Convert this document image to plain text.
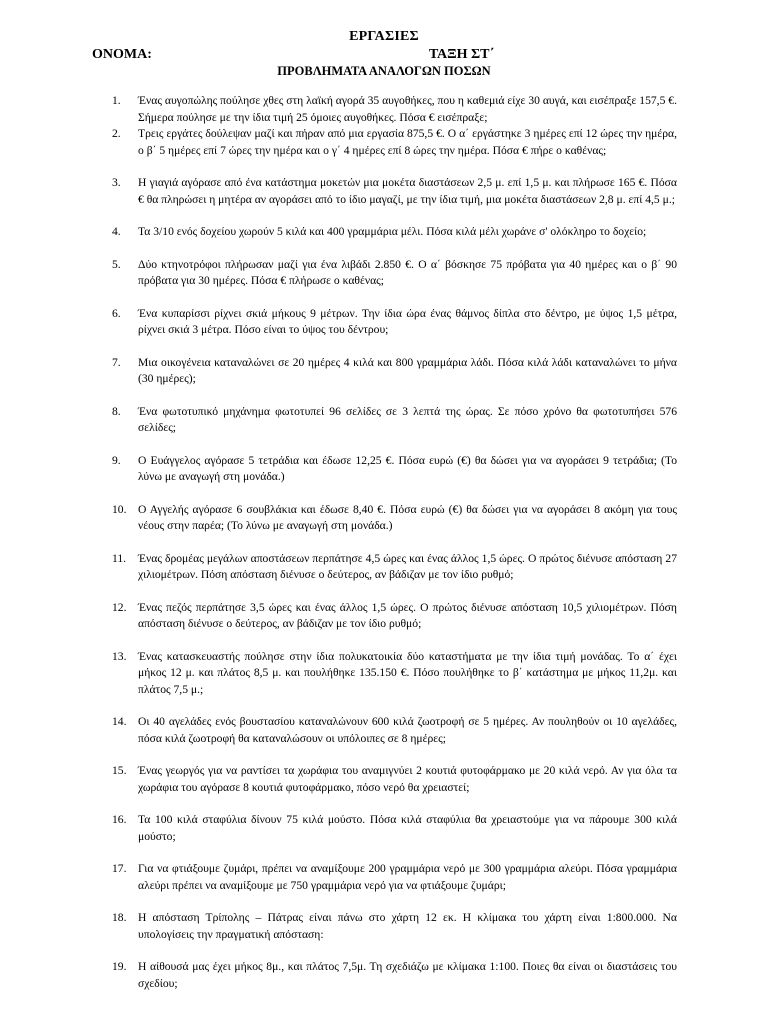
ΕΡΓΑΣΙΕΣ
ΟΝΟΜΑ:	ΤΑΞΗ ΣΤ΄
ΠΡΟΒΛΗΜΑΤΑ ΑΝΑΛΟΓΩΝ ΠΟΣΩΝ
1. Ένας αυγοπώλης πούλησε χθες στη λαϊκή αγορά 35 αυγοθήκες, που η καθεμιά είχε 30 αυγά, και εισέπραξε 157,5 €. Σήμερα πούλησε με την ίδια τιμή 25 όμοιες αυγοθήκες. Πόσα € εισέπραξε;
2. Τρεις εργάτες δούλεψαν μαζί και πήραν από μια εργασία 875,5 €. Ο α΄ εργάστηκε 3 ημέρες επί 12 ώρες την ημέρα, ο β΄ 5 ημέρες επί 7 ώρες την ημέρα και ο γ΄ 4 ημέρες επί 8 ώρες την ημέρα. Πόσα € πήρε ο καθένας;
3. Η γιαγιά αγόρασε από ένα κατάστημα μοκετών μια μοκέτα διαστάσεων 2,5 μ. επί 1,5 μ. και πλήρωσε 165 €. Πόσα € θα πληρώσει η μητέρα αν αγοράσει από το ίδιο μαγαζί, με την ίδια τιμή, μια μοκέτα διαστάσεων 2,8 μ. επί 4,5 μ.;
4. Τα 3/10 ενός δοχείου χωρούν 5 κιλά και 400 γραμμάρια μέλι. Πόσα κιλά μέλι χωράνε σ' ολόκληρο το δοχείο;
5. Δύο κτηνοτρόφοι πλήρωσαν μαζί για ένα λιβάδι 2.850 €. Ο α΄ βόσκησε 75 πρόβατα για 40 ημέρες και ο β΄ 90 πρόβατα για 30 ημέρες. Πόσα € πλήρωσε ο καθένας;
6. Ένα κυπαρίσσι ρίχνει σκιά μήκους 9 μέτρων. Την ίδια ώρα ένας θάμνος δίπλα στο δέντρο, με ύψος 1,5 μέτρα, ρίχνει σκιά 3 μέτρα. Πόσο είναι το ύψος του δέντρου;
7. Μια οικογένεια καταναλώνει σε 20 ημέρες 4 κιλά και 800 γραμμάρια λάδι. Πόσα κιλά λάδι καταναλώνει το μήνα (30 ημέρες);
8. Ένα φωτοτυπικό μηχάνημα φωτοτυπεί 96 σελίδες σε 3 λεπτά της ώρας. Σε πόσο χρόνο θα φωτοτυπήσει 576 σελίδες;
9. Ο Ευάγγελος αγόρασε 5 τετράδια και έδωσε 12,25 €. Πόσα ευρώ (€) θα δώσει για να αγοράσει 9 τετράδια; (Το λύνω με αναγωγή στη μονάδα.)
10. Ο Αγγελής αγόρασε 6 σουβλάκια και έδωσε 8,40 €. Πόσα ευρώ (€) θα δώσει για να αγοράσει 8 ακόμη για τους νέους στην παρέα; (Το λύνω με αναγωγή στη μονάδα.)
11. Ένας δρομέας μεγάλων αποστάσεων περπάτησε 4,5 ώρες και ένας άλλος 1,5 ώρες. Ο πρώτος διένυσε απόσταση 27 χιλιομέτρων. Πόση απόσταση διένυσε ο δεύτερος, αν βάδιζαν με τον ίδιο ρυθμό;
12. Ένας πεζός περπάτησε 3,5 ώρες και ένας άλλος 1,5 ώρες. Ο πρώτος διένυσε απόσταση 10,5 χιλιομέτρων. Πόση απόσταση διένυσε ο δεύτερος, αν βάδιζαν με τον ίδιο ρυθμό;
13. Ένας κατασκευαστής πούλησε στην ίδια πολυκατοικία δύο καταστήματα με την ίδια τιμή μονάδας. Το α΄ έχει μήκος 12 μ. και πλάτος 8,5 μ. και πουλήθηκε 135.150 €. Πόσο πουλήθηκε το β΄ κατάστημα με μήκος 11,2μ. και πλάτος 7,5 μ.;
14. Οι 40 αγελάδες ενός βουστασίου καταναλώνουν 600 κιλά ζωοτροφή σε 5 ημέρες. Αν πουληθούν οι 10 αγελάδες, πόσα κιλά ζωοτροφή θα καταναλώσουν οι υπόλοιπες σε 8 ημέρες;
15. Ένας γεωργός για να ραντίσει τα χωράφια του αναμιγνύει 2 κουτιά φυτοφάρμακο με 20 κιλά νερό. Αν για όλα τα χωράφια του αγόρασε 8 κουτιά φυτοφάρμακο, πόσο νερό θα χρειαστεί;
16. Τα 100 κιλά σταφύλια δίνουν 75 κιλά μούστο. Πόσα κιλά σταφύλια θα χρειαστούμε για να πάρουμε 300 κιλά μούστο;
17. Για να φτιάξουμε ζυμάρι, πρέπει να αναμίξουμε 200 γραμμάρια νερό με 300 γραμμάρια αλεύρι. Πόσα γραμμάρια αλεύρι πρέπει να αναμίξουμε με 750 γραμμάρια νερό για να φτιάξουμε ζυμάρι;
18. Η απόσταση Τρίπολης – Πάτρας είναι πάνω στο χάρτη 12 εκ. Η κλίμακα του χάρτη είναι 1:800.000. Να υπολογίσεις την πραγματική απόσταση:
19. Η αίθουσά μας έχει μήκος 8μ., και πλάτος 7,5μ. Τη σχεδιάζω με κλίμακα 1:100. Ποιες θα είναι οι διαστάσεις του σχεδίου;
